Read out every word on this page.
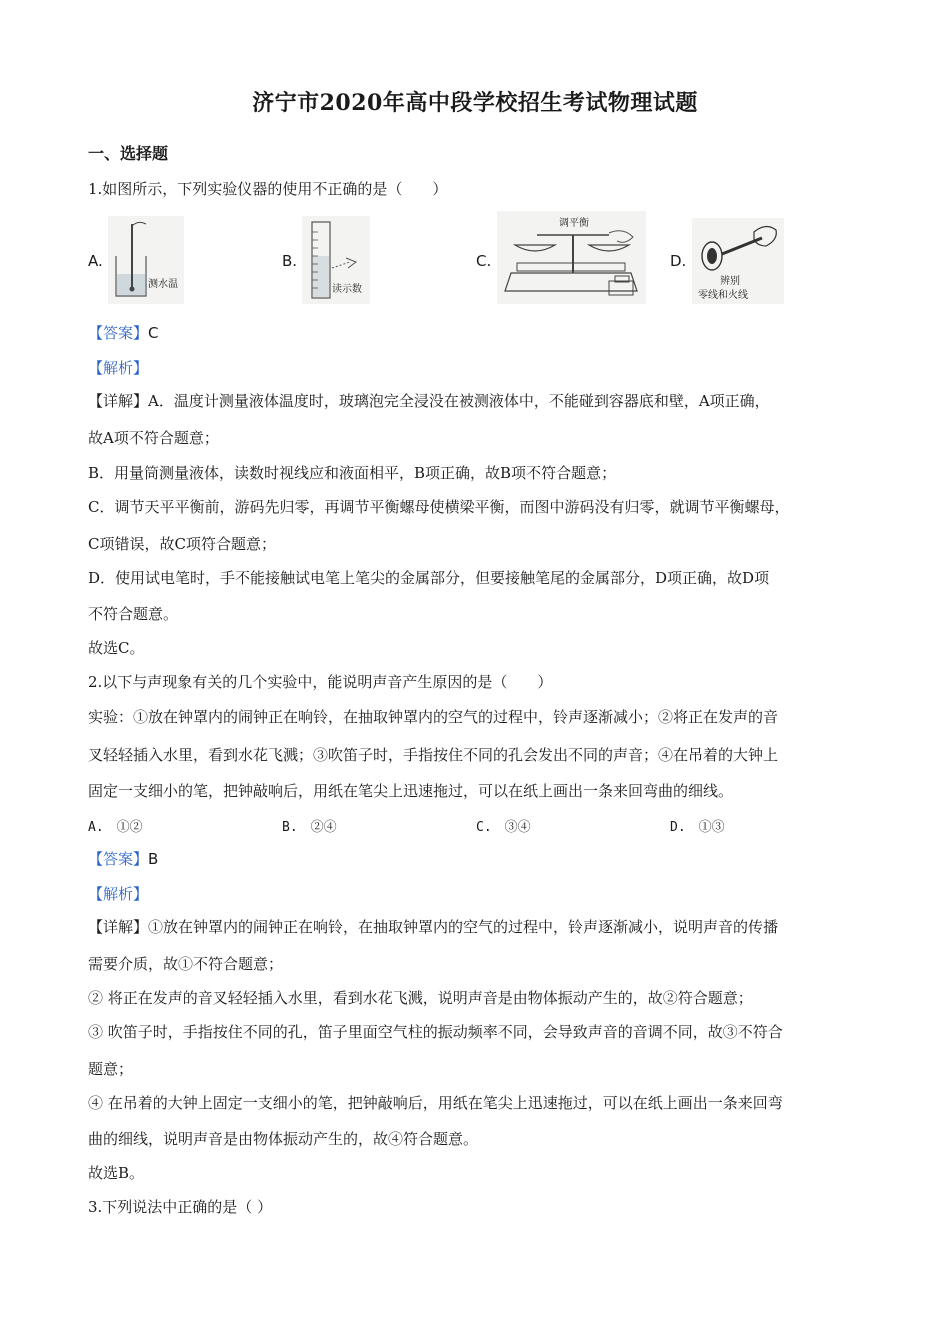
济宁市2020年高中段学校招生考试物理试题
一、选择题
1.如图所示，下列实验仪器的使用不正确的是（　　）
A.
测水温
B.
读示数
C.
调平衡
D.
辨别
零线和火线
【答案】C
【解析】
【详解】A．温度计测量液体温度时，玻璃泡完全浸没在被测液体中，不能碰到容器底和壁，A项正确，
故A项不符合题意；
B．用量筒测量液体，读数时视线应和液面相平，B项正确，故B项不符合题意；
C．调节天平平衡前，游码先归零，再调节平衡螺母使横梁平衡，而图中游码没有归零，就调节平衡螺母，
C项错误，故C项符合题意；
D．使用试电笔时，手不能接触试电笔上笔尖的金属部分，但要接触笔尾的金属部分，D项正确，故D项
不符合题意。
故选C。
2.以下与声现象有关的几个实验中，能说明声音产生原因的是（　　）
实验：①放在钟罩内的闹钟正在响铃，在抽取钟罩内的空气的过程中，铃声逐渐减小；②将正在发声的音
叉轻轻插入水里，看到水花飞溅；③吹笛子时，手指按住不同的孔会发出不同的声音；④在吊着的大钟上
固定一支细小的笔，把钟敲响后，用纸在笔尖上迅速拖过，可以在纸上画出一条来回弯曲的细线。
A.　①②	B.　②④	C.　③④	D.　①③
【答案】B
【解析】
【详解】①放在钟罩内的闹钟正在响铃，在抽取钟罩内的空气的过程中，铃声逐渐减小，说明声音的传播
需要介质，故①不符合题意；
② 将正在发声的音叉轻轻插入水里，看到水花飞溅，说明声音是由物体振动产生的，故②符合题意；
③ 吹笛子时，手指按住不同的孔，笛子里面空气柱的振动频率不同，会导致声音的音调不同，故③不符合
题意；
④ 在吊着的大钟上固定一支细小的笔，把钟敲响后，用纸在笔尖上迅速拖过，可以在纸上画出一条来回弯
曲的细线，说明声音是由物体振动产生的，故④符合题意。
故选B。
3.下列说法中正确的是（ ）
